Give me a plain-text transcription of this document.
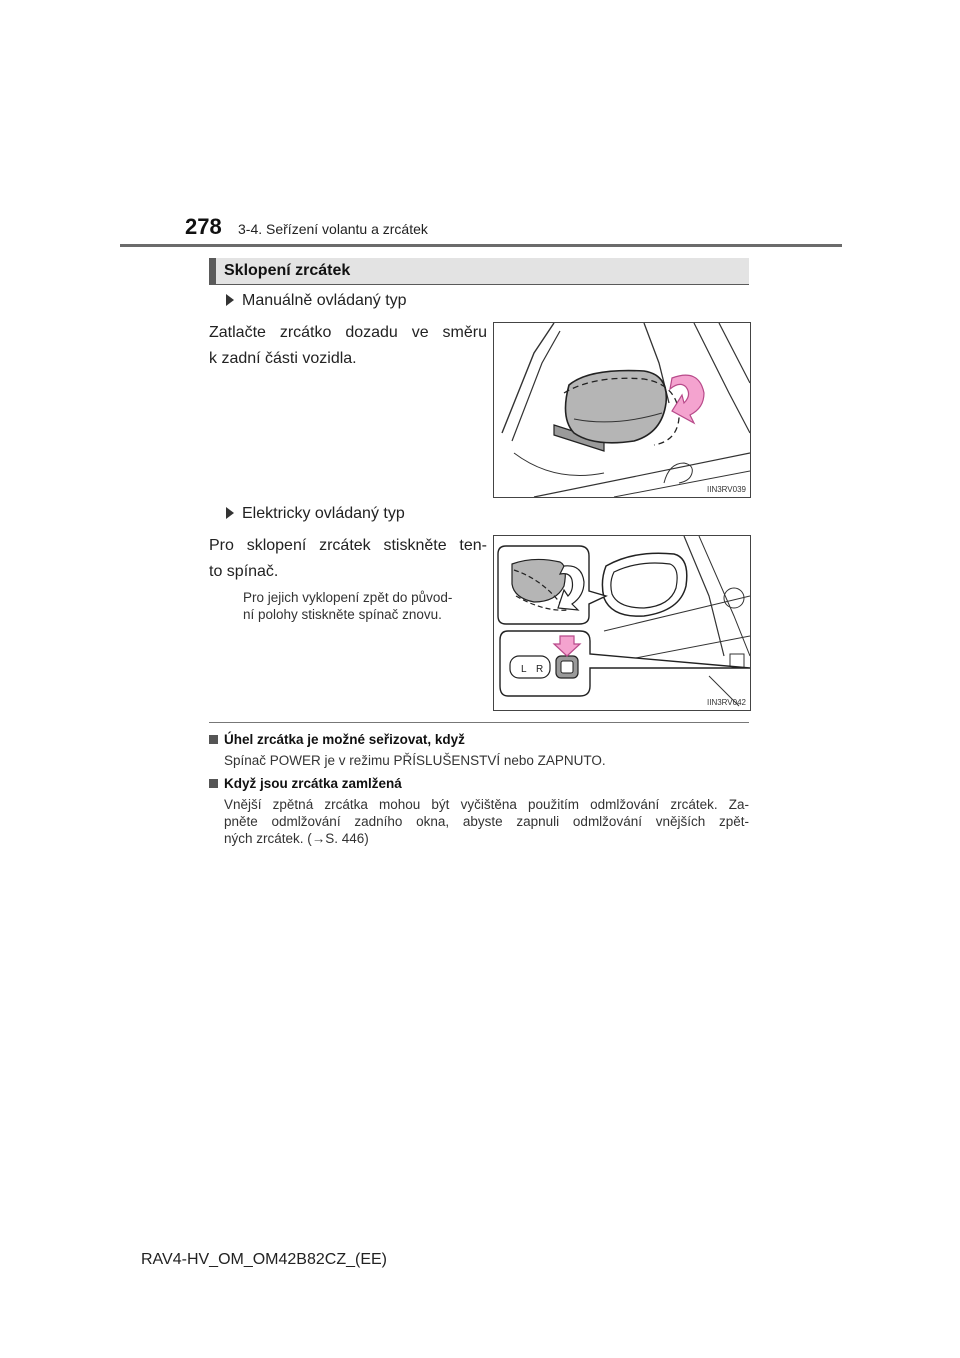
278 3-4. Seřízení volantu a zrcátek
Sklopení zrcátek
Manuálně ovládaný typ
Zatlačte zrcátko dozadu ve směru
k zadní části vozidla.
IIN3RV039
Elektricky ovládaný typ
Pro sklopení zrcátek stiskněte ten-
to spínač.
Pro jejich vyklopení zpět do původ-
ní polohy stiskněte spínač znovu.
L R
IIN3RV042
Úhel zrcátka je možné seřizovat, když
Spínač POWER je v režimu PŘÍSLUŠENSTVÍ nebo ZAPNUTO.
Když jsou zrcátka zamlžená
Vnější zpětná zrcátka mohou být vyčištěna použitím odmlžování zrcátek. Za-
pněte odmlžování zadního okna, abyste zapnuli odmlžování vnějších zpět-
ných zrcátek. (→S. 446)
RAV4-HV_OM_OM42B82CZ_(EE)
